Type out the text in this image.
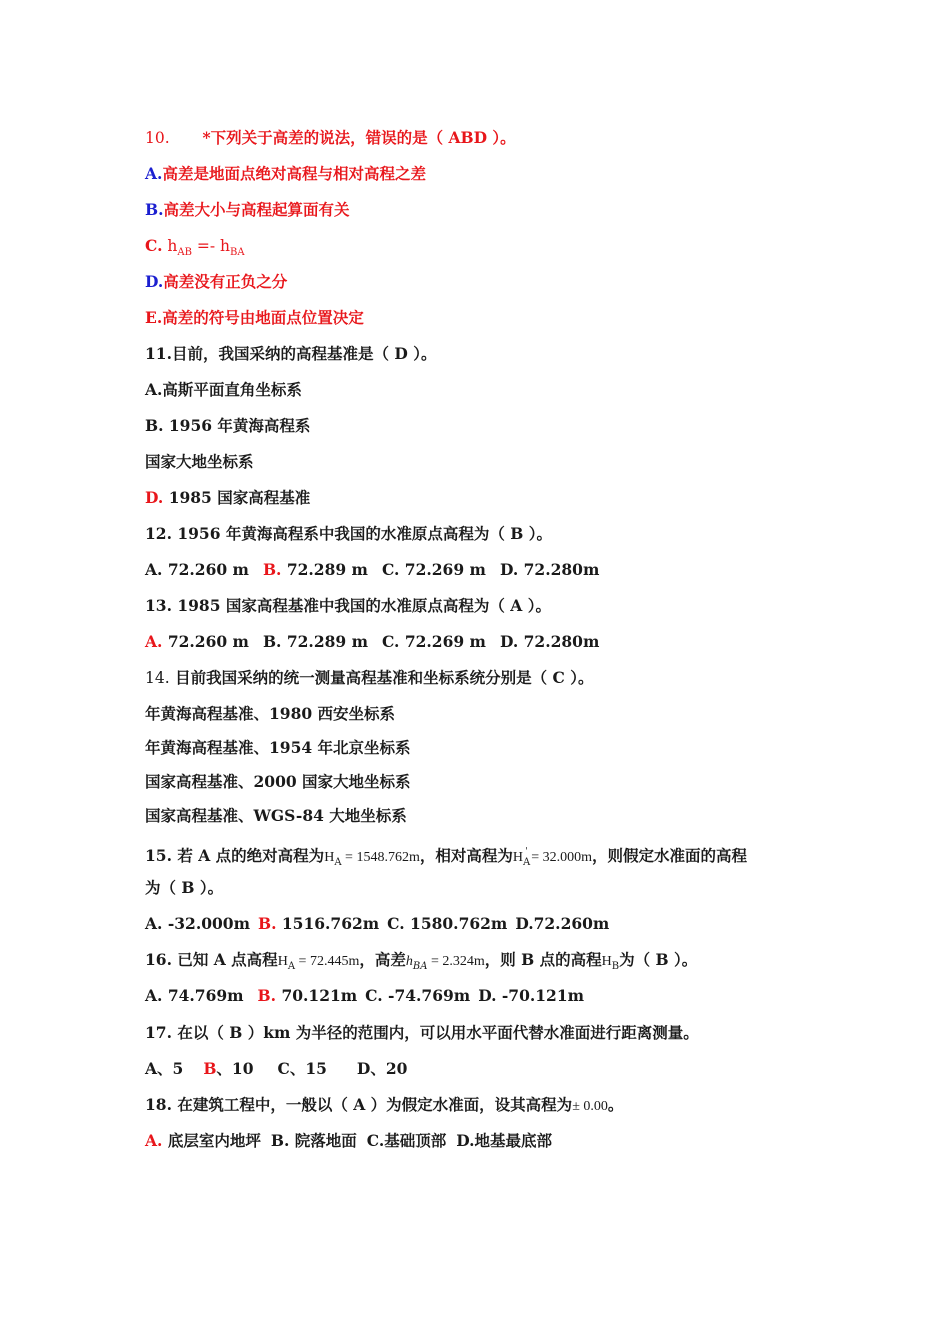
10. *下列关于高差的说法，错误的是（ ABD ）。
A.高差是地面点绝对高程与相对高程之差
B.高差大小与高程起算面有关
C. $h_{AB} =- h_{BA}$
D.高差没有正负之分
E.高差的符号由地面点位置决定
11.目前，我国采纳的高程基准是（ D ）。
A.高斯平面直角坐标系
B. 1956 年黄海高程系
国家大地坐标系
D. 1985 国家高程基准
12. 1956 年黄海高程系中我国的水准原点高程为（ B ）。
A. 72.260 m B. 72.289 m C. 72.269 m D. 72.280m
13. 1985 国家高程基准中我国的水准原点高程为（ A ）。
A. 72.260 m B. 72.289 m C. 72.269 m D. 72.280m
14. 目前我国采纳的统一测量高程基准和坐标系统分别是（ C ）。
年黄海高程基准、1980 西安坐标系
年黄海高程基准、1954 年北京坐标系
国家高程基准、2000 国家大地坐标系
国家高程基准、WGS-84 大地坐标系
15. 若 A 点的绝对高程为$H_A = 1548.762m$，相对高程为$H_A' = 32.000m$，则假定水准面的高程
为（ B ）。
A. -32.000m B. 1516.762m C. 1580.762m D.72.260m
16. 已知 A 点高程$H_A = 72.445m$，高差$h_{BA} = 2.324m$，则 B 点的高程$H_B$为（ B ）。
A. 74.769m B. 70.121m C. -74.769m D. -70.121m
17. 在以（ B ）km 为半径的范围内，可以用水平面代替水准面进行距离测量。
A、5 B、10 C、15 D、20
18. 在建筑工程中，一般以（ A ）为假定水准面，设其高程为± 0.00。
A. 底层室内地坪 B. 院落地面 C.基础顶部 D.地基最底部
